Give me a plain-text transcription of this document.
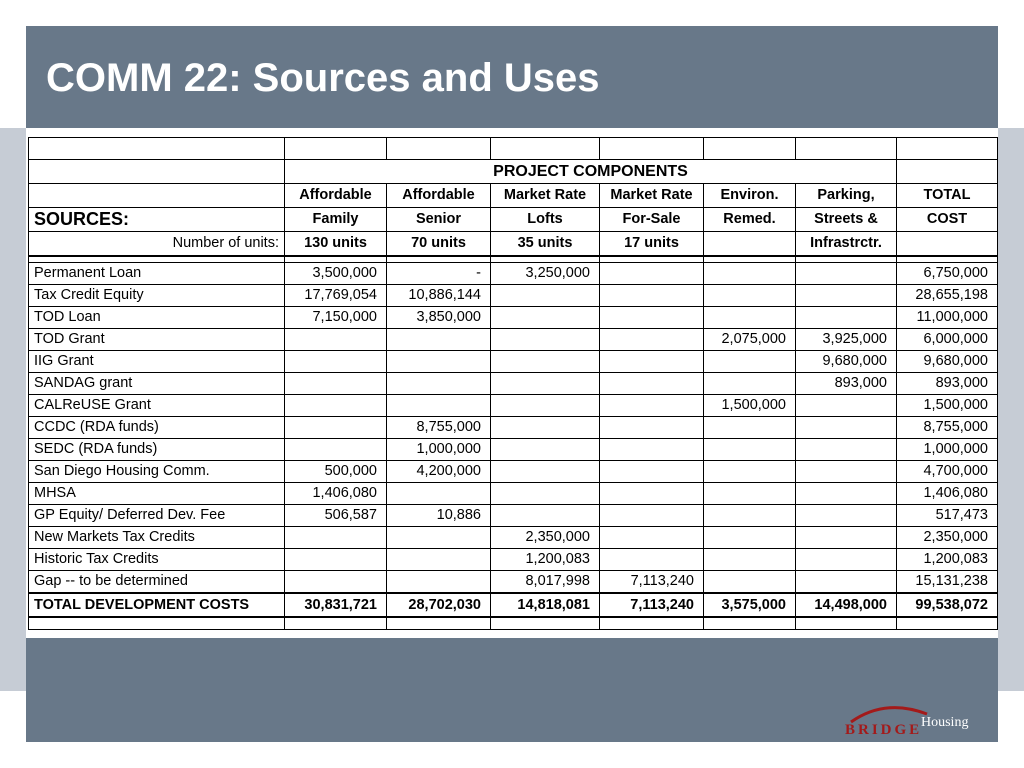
COMM 22: Sources and Uses

	PROJECT COMPONENTS						
	Affordable	Affordable	Market Rate	Market Rate	Environ.	Parking,	TOTAL
SOURCES:	Family	Senior	Lofts	For-Sale	Remed.	Streets &	COST
Number of units:	130 units	70 units	35 units	17 units		Infrastrctr.	

Permanent Loan	3,500,000	-	3,250,000				6,750,000
Tax Credit Equity	17,769,054	10,886,144					28,655,198
TOD Loan	7,150,000	3,850,000					11,000,000
TOD Grant					2,075,000	3,925,000	6,000,000
IIG Grant						9,680,000	9,680,000
SANDAG grant						893,000	893,000
CALReUSE Grant					1,500,000		1,500,000
CCDC (RDA funds)		8,755,000					8,755,000
SEDC (RDA funds)		1,000,000					1,000,000
San Diego Housing Comm.	500,000	4,200,000					4,700,000
MHSA	1,406,080						1,406,080
GP Equity/ Deferred Dev. Fee	506,587	10,886					517,473
New Markets Tax Credits			2,350,000				2,350,000
Historic Tax Credits			1,200,083				1,200,083
Gap -- to be determined			8,017,998	7,113,240			15,131,238
TOTAL DEVELOPMENT COSTS	30,831,721	28,702,030	14,818,081	7,113,240	3,575,000	14,498,000	99,538,072

BRIDGE
Housing
